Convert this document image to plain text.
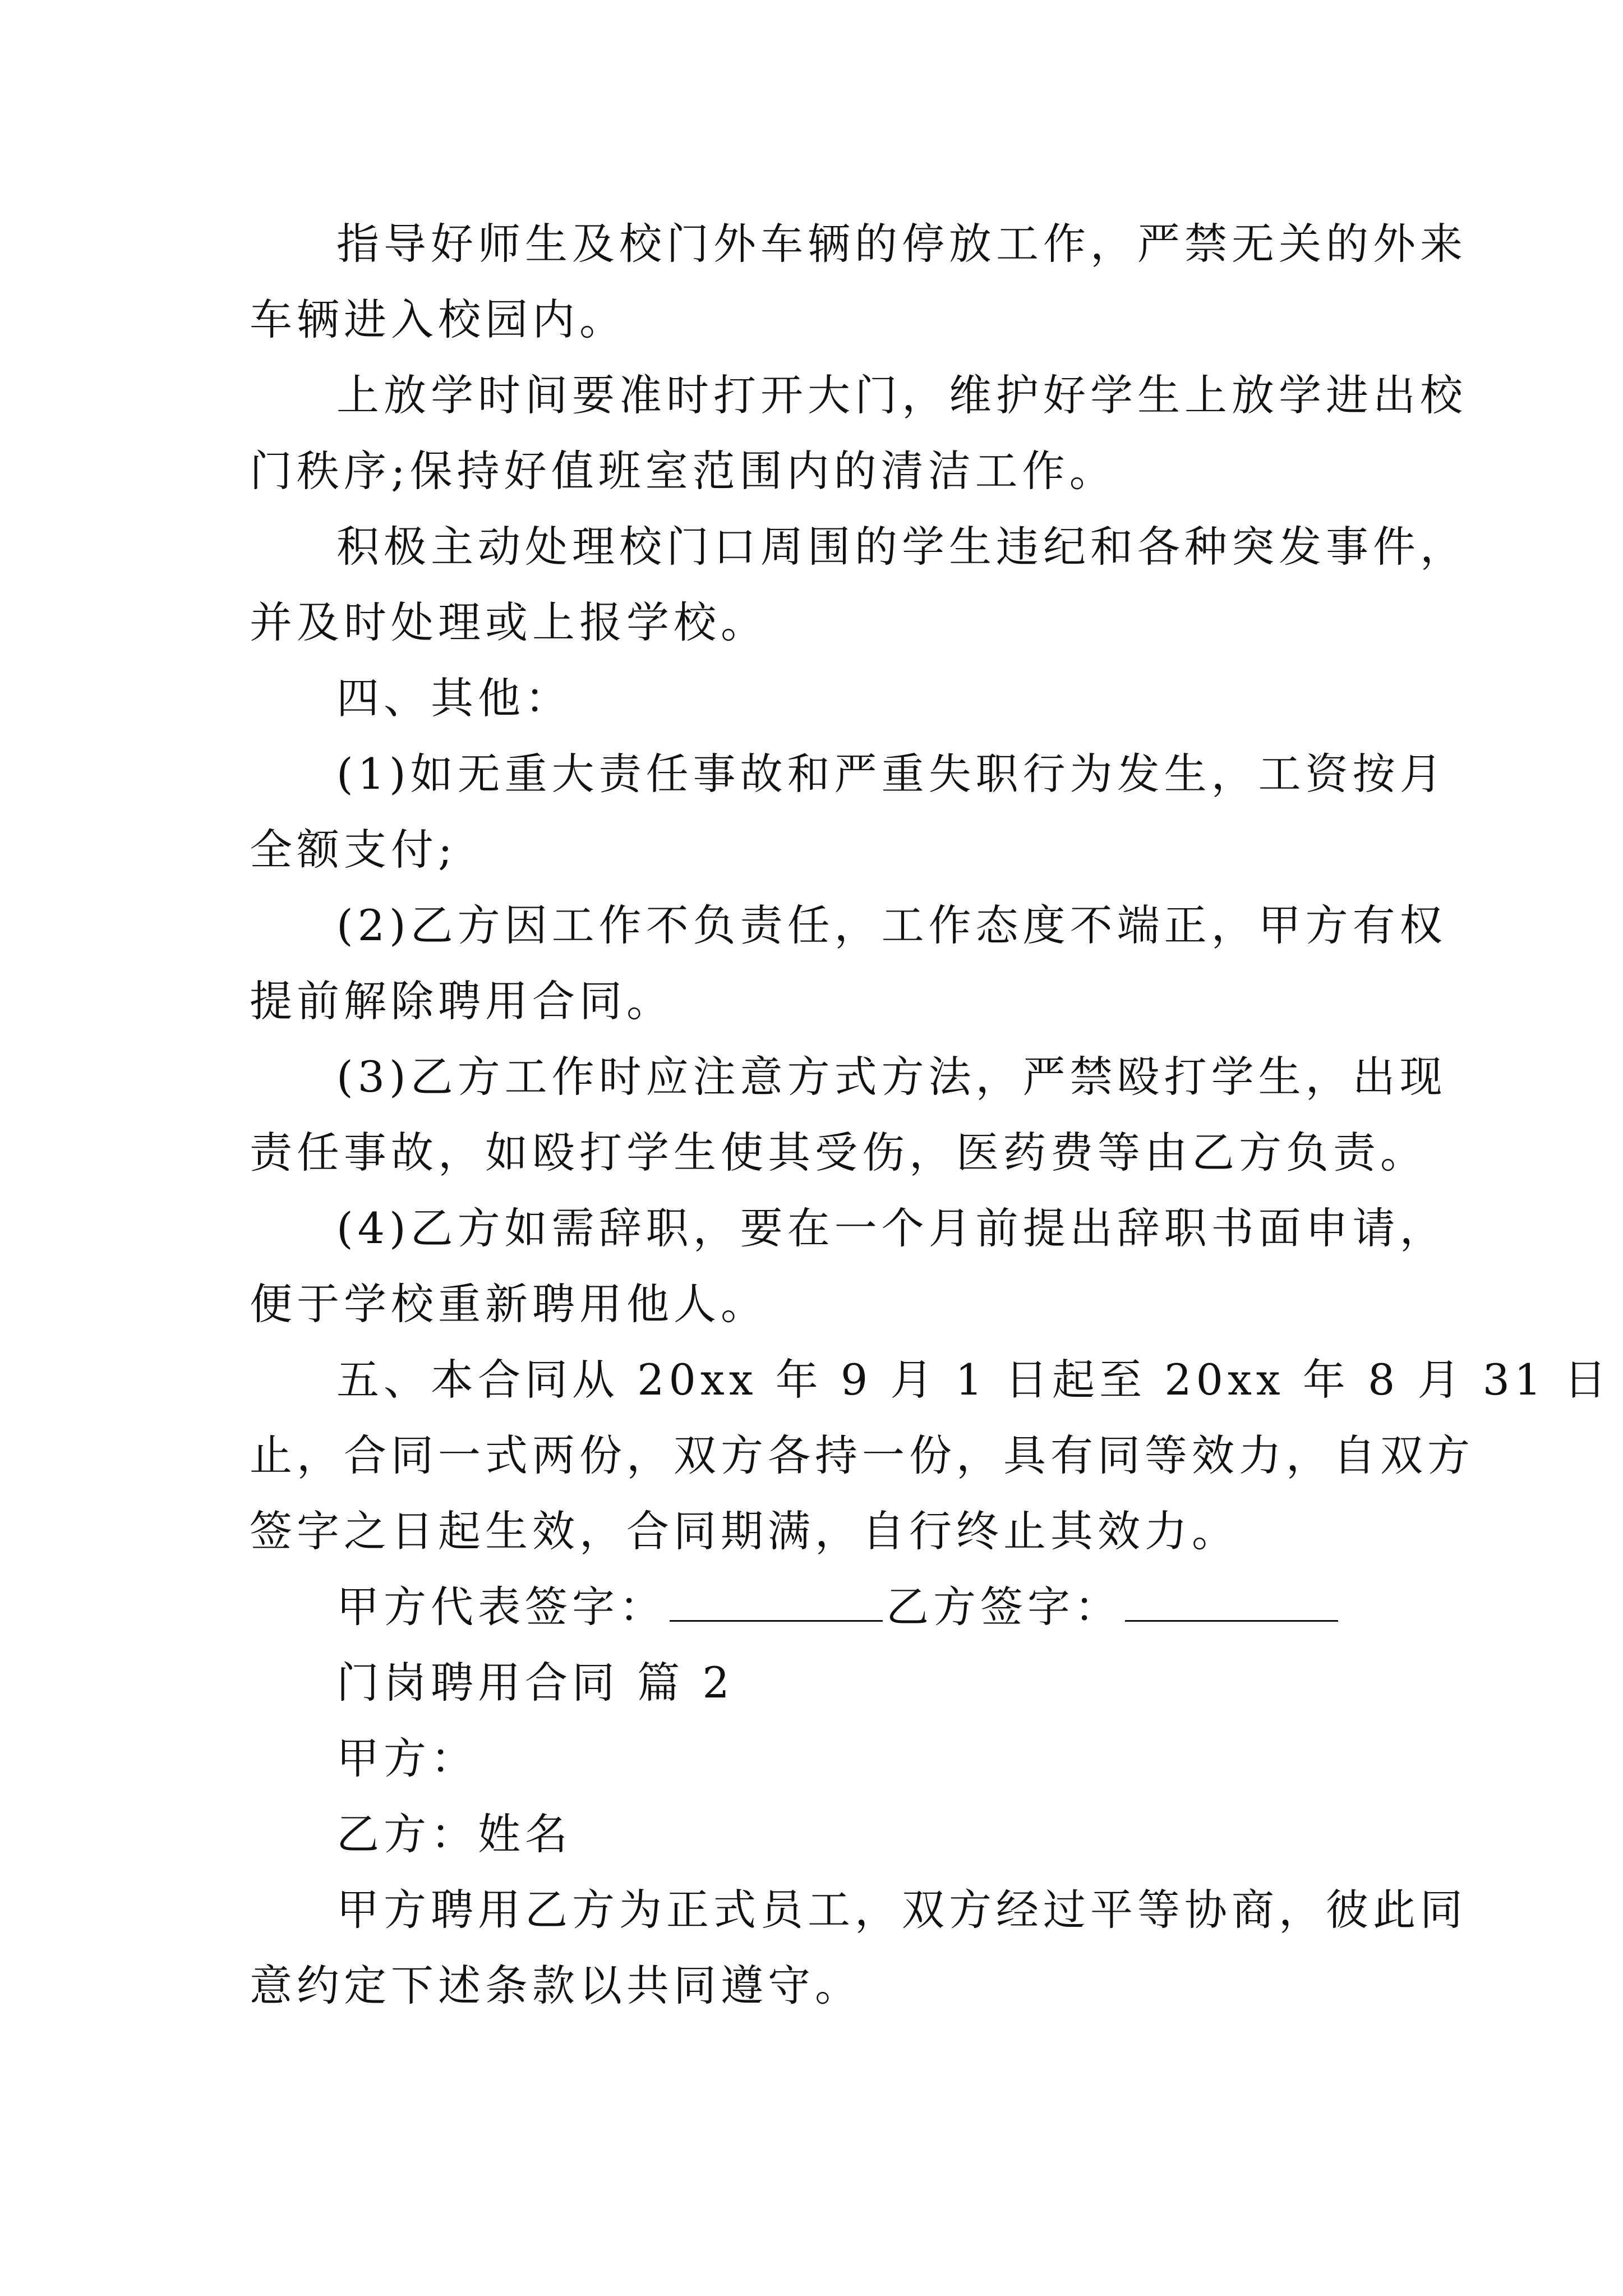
指导好师生及校门外车辆的停放工作，严禁无关的外来
车辆进入校园内。
上放学时间要准时打开大门，维护好学生上放学进出校
门秩序;保持好值班室范围内的清洁工作。
积极主动处理校门口周围的学生违纪和各种突发事件，
并及时处理或上报学校。
四、其他：
(1)如无重大责任事故和严重失职行为发生，工资按月
全额支付;
(2)乙方因工作不负责任，工作态度不端正，甲方有权
提前解除聘用合同。
(3)乙方工作时应注意方式方法，严禁殴打学生，出现
责任事故，如殴打学生使其受伤，医药费等由乙方负责。
(4)乙方如需辞职，要在一个月前提出辞职书面申请，
便于学校重新聘用他人。
五、本合同从 20xx 年 9 月 1 日起至 20xx 年 8 月 31 日
止，合同一式两份，双方各持一份，具有同等效力，自双方
签字之日起生效，合同期满，自行终止其效力。
甲方代表签字：	乙方签字：
门岗聘用合同 篇 2
甲方：
乙方：姓名
甲方聘用乙方为正式员工，双方经过平等协商，彼此同
意约定下述条款以共同遵守。
